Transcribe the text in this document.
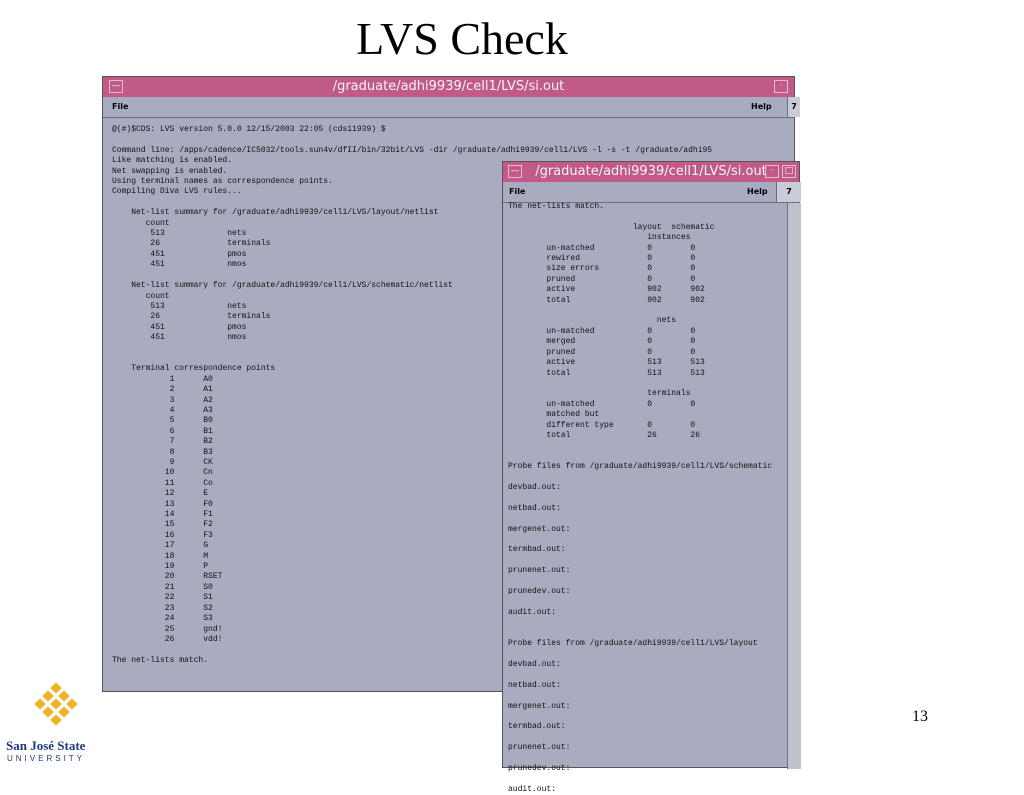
LVS Check
—	/graduate/adhi9939/cell1/LVS/si.out	·
File	Help	7
@(#)$CDS: LVS version 5.0.0 12/15/2003 22:05 (cds11939) $

Command line: /apps/cadence/IC5032/tools.sun4v/dfII/bin/32bit/LVS -dir /graduate/adhi9939/cell1/LVS -l -s -t /graduate/adhi95
Like matching is enabled.
Net swapping is enabled.
Using terminal names as correspondence points.
Compiling Diva LVS rules...

Net-list summary for /graduate/adhi9939/cell1/LVS/layout/netlist
count
513             nets
26              terminals
451             pmos
451             nmos

Net-list summary for /graduate/adhi9939/cell1/LVS/schematic/netlist
count
513             nets
26              terminals
451             pmos
451             nmos

Terminal correspondence points
1      A0
2      A1
3      A2
4      A3
5      B0
6      B1
7      B2
8      B3
9      CK
10      Cn
11      Co
12      E
13      F0
14      F1
15      F2
16      F3
17      G
18      M
19      P
20      RSET
21      S0
22      S1
23      S2
24      S3
25      gnd!
26      vdd!

The net-lists match.
— /graduate/adhi9939/cell1/LVS/si.out ·	□
File	Help	7
The net-lists match.

layout  schematic
instances
un-matched           0        0
rewired              0        0
size errors          0        0
pruned               0        0
active               902      902
total                902      902

nets
un-matched           0        0
merged               0        0
pruned               0        0
active               513      513
total                513      513

terminals
un-matched           0        0
matched but
different type       0        0
total                26       26

Probe files from /graduate/adhi9939/cell1/LVS/schematic

devbad.out:

netbad.out:

mergenet.out:

termbad.out:

prunenet.out:

prunedev.out:

audit.out:

Probe files from /graduate/adhi9939/cell1/LVS/layout

devbad.out:

netbad.out:

mergenet.out:

termbad.out:

prunenet.out:

prunedev.out:

audit.out:
San José State
UNIVERSITY
13
